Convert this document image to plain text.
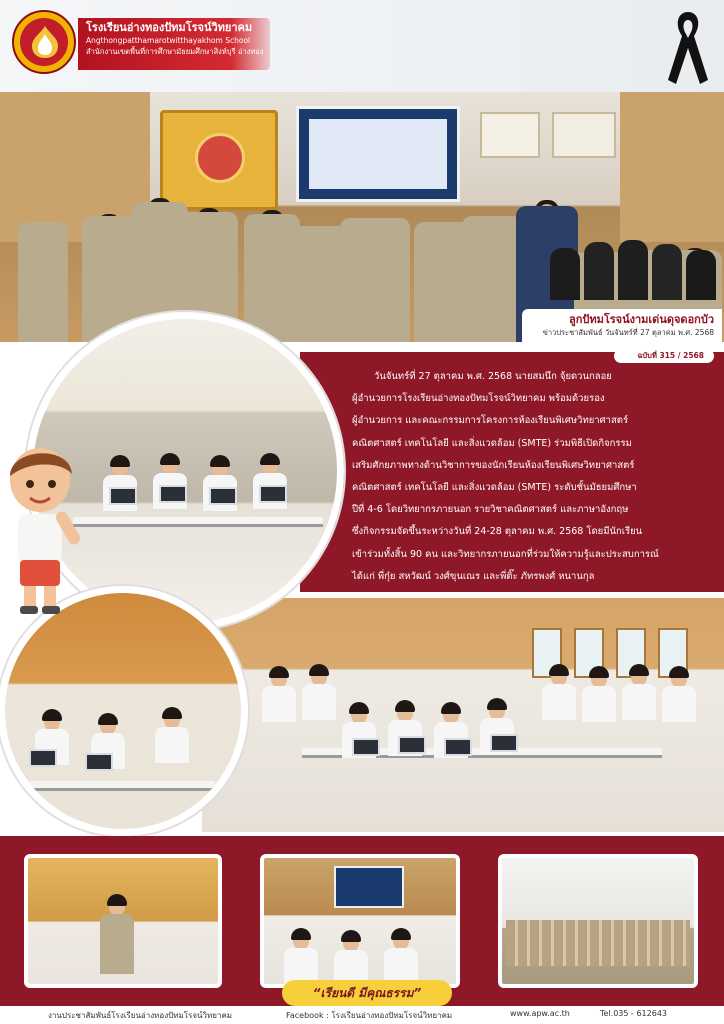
โรงเรียนอ่างทองปัทมโรจน์วิทยาคม
Angthongpatthamarotwitthayakhom School
สำนักงานเขตพื้นที่การศึกษามัธยมศึกษาสิงห์บุรี อ่างทอง
ลูกปัทมโรจน์งามเด่นดุจดอกบัว
ข่าวประชาสัมพันธ์ วันจันทร์ที่ 27 ตุลาคม พ.ศ. 2568
ฉบับที่ 315 / 2568
วันจันทร์ที่ 27 ตุลาคม พ.ศ. 2568 นายสมนึก จุ้ยดวนกลอย
ผู้อำนวยการโรงเรียนอ่างทองปัทมโรจน์วิทยาคม พร้อมด้วยรอง
ผู้อำนวยการ และคณะกรรมการโครงการห้องเรียนพิเศษวิทยาศาสตร์
คณิตศาสตร์ เทคโนโลยี และสิ่งแวดล้อม (SMTE) ร่วมพิธีเปิดกิจกรรม
เสริมศักยภาพทางด้านวิชาการของนักเรียนห้องเรียนพิเศษวิทยาศาสตร์
คณิตศาสตร์ เทคโนโลยี และสิ่งแวดล้อม (SMTE) ระดับชั้นมัธยมศึกษา
ปีที่ 4-6 โดยวิทยากรภายนอก รายวิชาคณิตศาสตร์ และภาษาอังกฤษ
ซึ่งกิจกรรมจัดขึ้นระหว่างวันที่ 24-28 ตุลาคม พ.ศ. 2568 โดยมีนักเรียน
เข้าร่วมทั้งสิ้น 90 คน และวิทยากรภายนอกที่ร่วมให้ความรู้และประสบการณ์
ได้แก่ พี่กุ๋ย สหวัฒน์ วงศ์ขุนเณร และพี่ติ๊ะ ภัทรพงศ์ หนานกุล
“เรียนดี มีคุณธรรม”
งานประชาสัมพันธ์โรงเรียนอ่างทองปัทมโรจน์วิทยาคม	Facebook : โรงเรียนอ่างทองปัทมโรจน์วิทยาคม	www.apw.ac.th	Tel.035 - 612643
